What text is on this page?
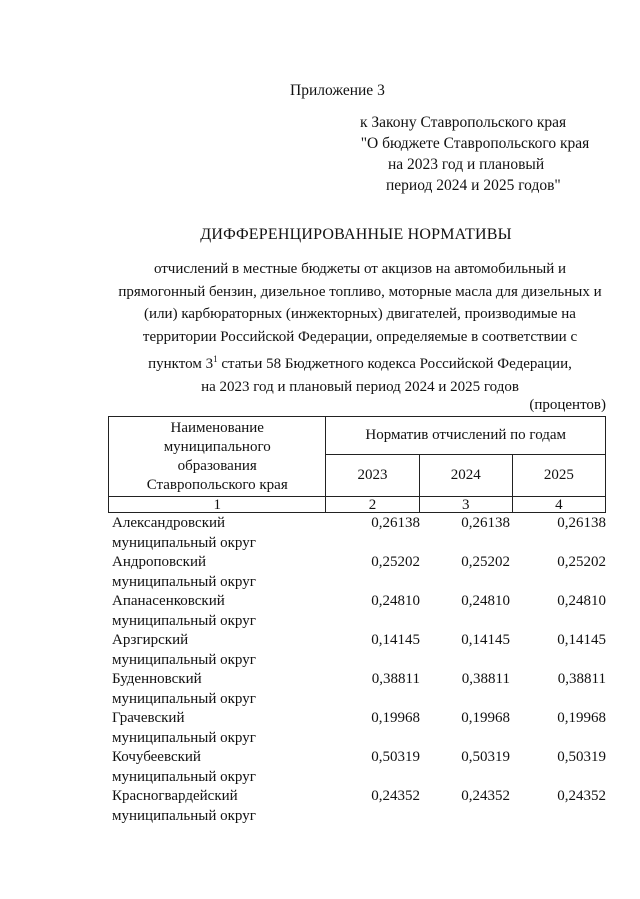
Приложение 3
к Закону Ставропольского края
"О бюджете Ставропольского края
на 2023 год и плановый
период 2024 и 2025 годов"
ДИФФЕРЕНЦИРОВАННЫЕ НОРМАТИВЫ
отчислений в местные бюджеты от акцизов на автомобильный и
прямогонный бензин, дизельное топливо, моторные масла для дизельных и
(или) карбюраторных (инжекторных) двигателей, производимые на
территории Российской Федерации, определяемые в соответствии с
пунктом $3^1$ статьи 58 Бюджетного кодекса Российской Федерации,
на 2023 год и плановый период 2024 и 2025 годов
(процентов)
Наименование
муниципального
образования
Ставропольского края	Норматив отчислений по годам		
	2023	2024	2025
1	2	3	4
Александровский
муниципальный округ
0,26138	0,26138	0,26138
Андроповский
муниципальный округ
0,25202	0,25202	0,25202
Апанасенковский
муниципальный округ
0,24810	0,24810	0,24810
Арзгирский
муниципальный округ
0,14145	0,14145	0,14145
Буденновский
муниципальный округ
0,38811	0,38811	0,38811
Грачевский
муниципальный округ
0,19968	0,19968	0,19968
Кочубеевский
муниципальный округ
0,50319	0,50319	0,50319
Красногвардейский
муниципальный округ
0,24352	0,24352	0,24352
